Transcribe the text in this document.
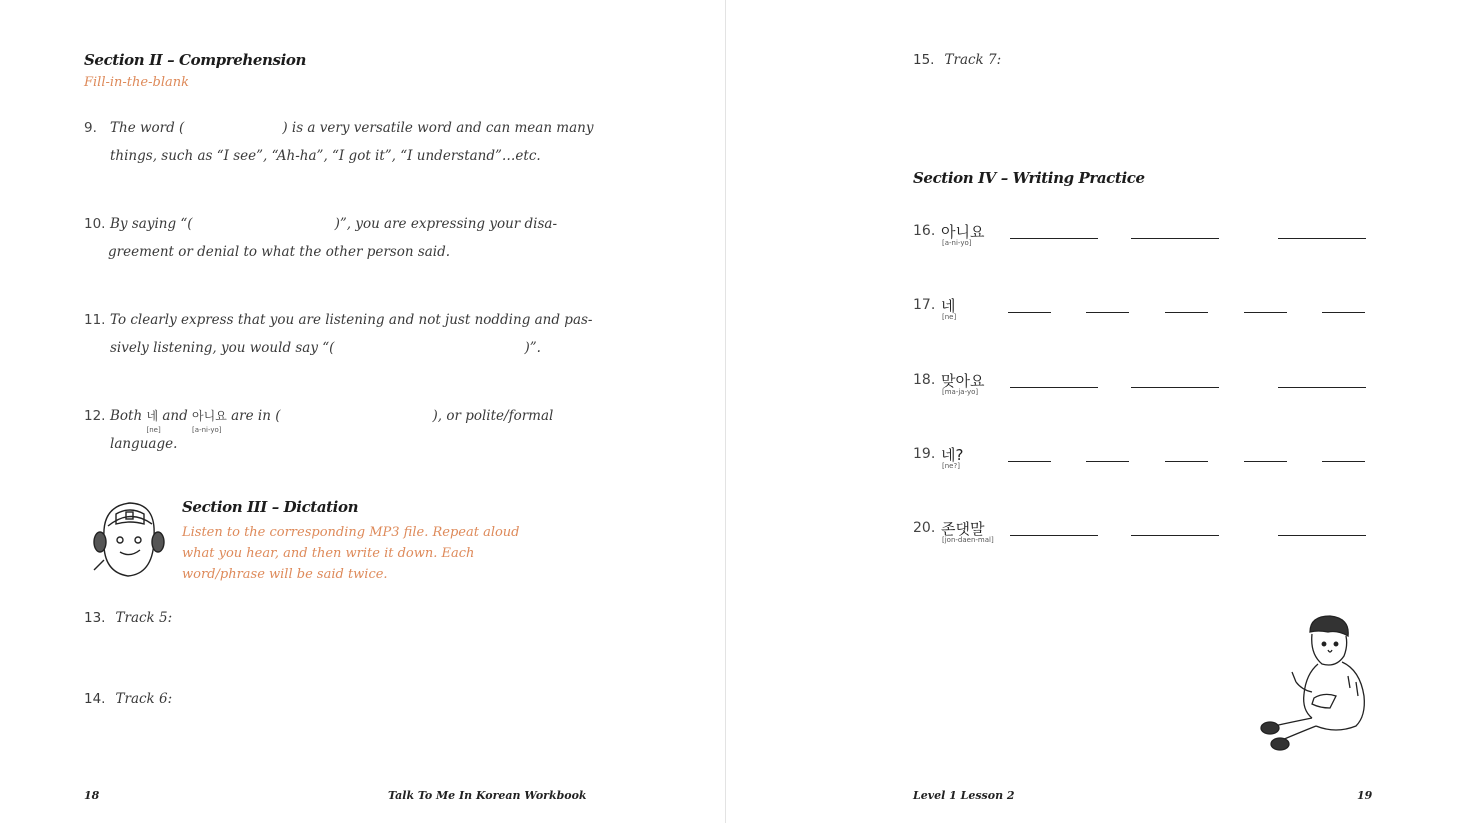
Section II – Comprehension
Fill-in-the-blank
9. The word (	) is a very versatile word and can mean many
things, such as “I see”, “Ah-ha”, “I got it”, “I understand”…etc.
10. By saying “(	)”, you are expressing your disa-
greement or denial to what the other person said.
11. To clearly express that you are listening and not just nodding and pas-
sively listening, you would say “(	)”.
12. Both 네
[ne]
and 아니요
[a-ni-yo]
are in (	), or polite/formal
language.
Section III – Dictation
Listen to the corresponding MP3 file. Repeat aloud what you hear, and then write it down. Each word/phrase will be said twice.
13. Track 5:
14. Track 6:
18	Talk To Me In Korean Workbook
15. Track 7:
Section IV – Writing Practice
16. 아니요
[a-ni-yo]
17. 네
[ne]
18. 맞아요
[ma-ja-yo]
19. 네?
[ne?]
20. 존댓말
[jon-daen-mal]
Level 1 Lesson 2	19
